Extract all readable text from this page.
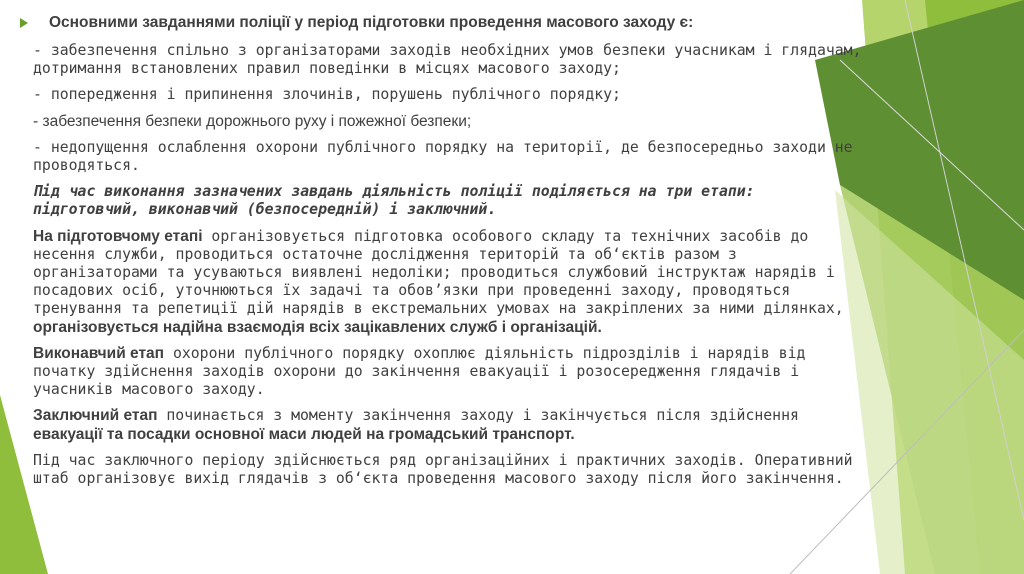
Основними завданнями поліції у період підготовки проведення масового заходу є:

- забезпечення спільно з організаторами заходів необхідних умов безпеки учасникам і глядачам, дотримання встановлених правил поведінки в місцях масового заходу;

- попередження і припинення злочинів, порушень публічного порядку;

- забезпечення безпеки дорожнього руху і пожежної безпеки;

- недопущення ослаблення охорони публічного порядку на території, де безпосередньо заходи не проводяться.

Під час виконання зазначених завдань діяльність поліції поділяється на три етапи: підготовчий, виконавчий (безпосередній) і заключний.

На підготовчому етапі організовується підготовка особового складу та технічних засобів до несення служби, проводиться остаточне дослідження територій та об‘єктів разом з організаторами та усуваються виявлені недоліки; проводиться службовий інструктаж нарядів і посадових осіб, уточнюються їх задачі та обов’язки при проведенні заходу, проводяться тренування та репетиції дій нарядів в екстремальних умовах на закріплених за ними ділянках, організовується надійна взаємодія всіх зацікавлених служб і організацій.

Виконавчий етап охорони публічного порядку охоплює діяльність підрозділів і нарядів від початку здійснення заходів охорони до закінчення евакуації і розосередження глядачів і учасників масового заходу.

Заключний етап починається з моменту закінчення заходу і закінчується після здійснення евакуації та посадки основної маси людей на громадський транспорт.

Під час заключного періоду здійснюється ряд організаційних і практичних заходів. Оперативний штаб організовує вихід глядачів з об‘єкта проведення масового заходу після його закінчення.
